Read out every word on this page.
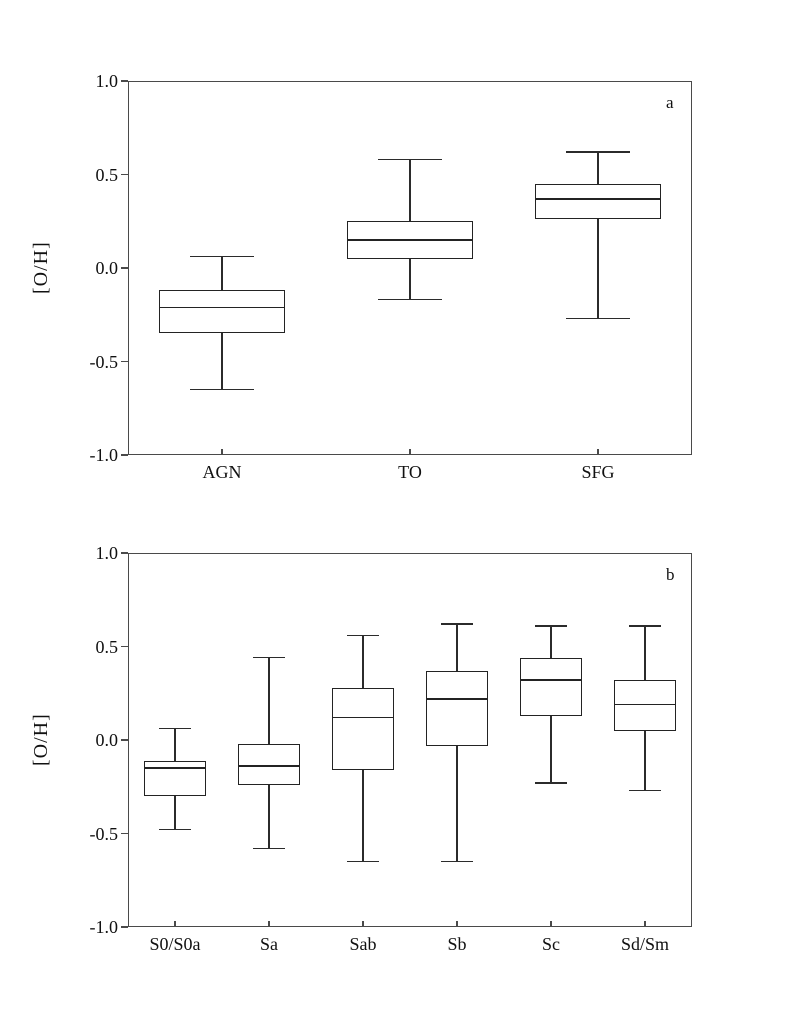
[O/H]
a
[O/H]
b
1.0
0.5
0.0
-0.5
-1.0
AGN	TO	SFG
1.0
0.5
0.0
-0.5
-1.0
S0/S0a	Sa	Sab	Sb	Sc	Sd/Sm
